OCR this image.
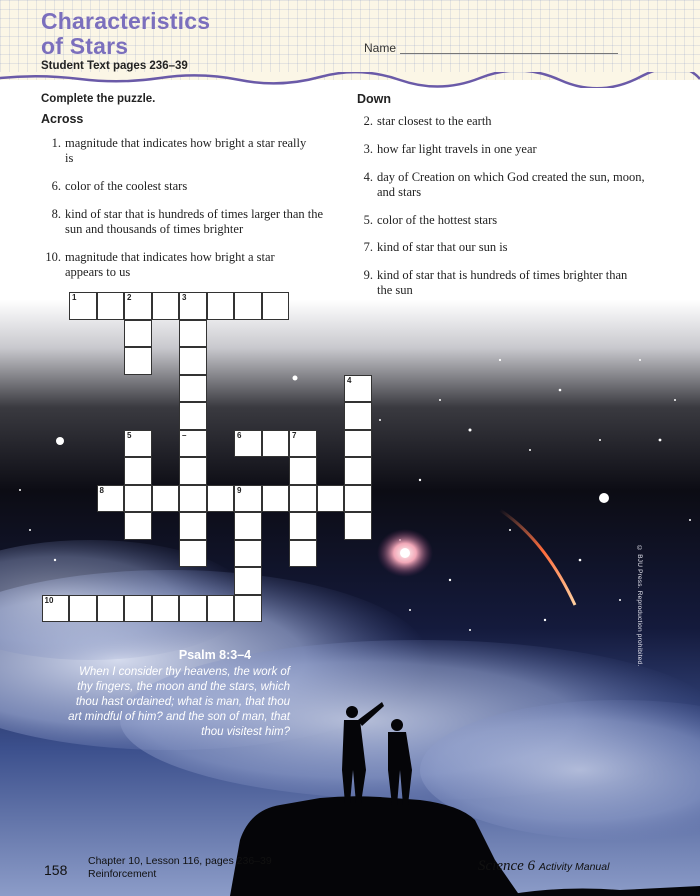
Characteristics
of Stars
Student Text pages 236–39
Name
Complete the puzzle.
Across
Down
1. magnitude that indicates how bright a star really is
6. color of the coolest stars
8. kind of star that is hundreds of times larger than the sun and thousands of times brighter
10. magnitude that indicates how bright a star appears to us
2. star closest to the earth
3. how far light travels in one year
4. day of Creation on which God created the sun, moon, and stars
5. color of the hottest stars
7. kind of star that our sun is
9. kind of star that is hundreds of times brighter than the sun
1	2	3
4
5	–	6	7
8	9
10
Psalm 8:3–4
When I consider thy heavens, the work of thy fingers, the moon and the stars, which thou hast ordained; what is man, that thou art mindful of him? and the son of man, that thou visitest him?
© BJU Press. Reproduction prohibited.
158
Chapter 10, Lesson 116, pages 236–39
Reinforcement	Science 6 Activity Manual
